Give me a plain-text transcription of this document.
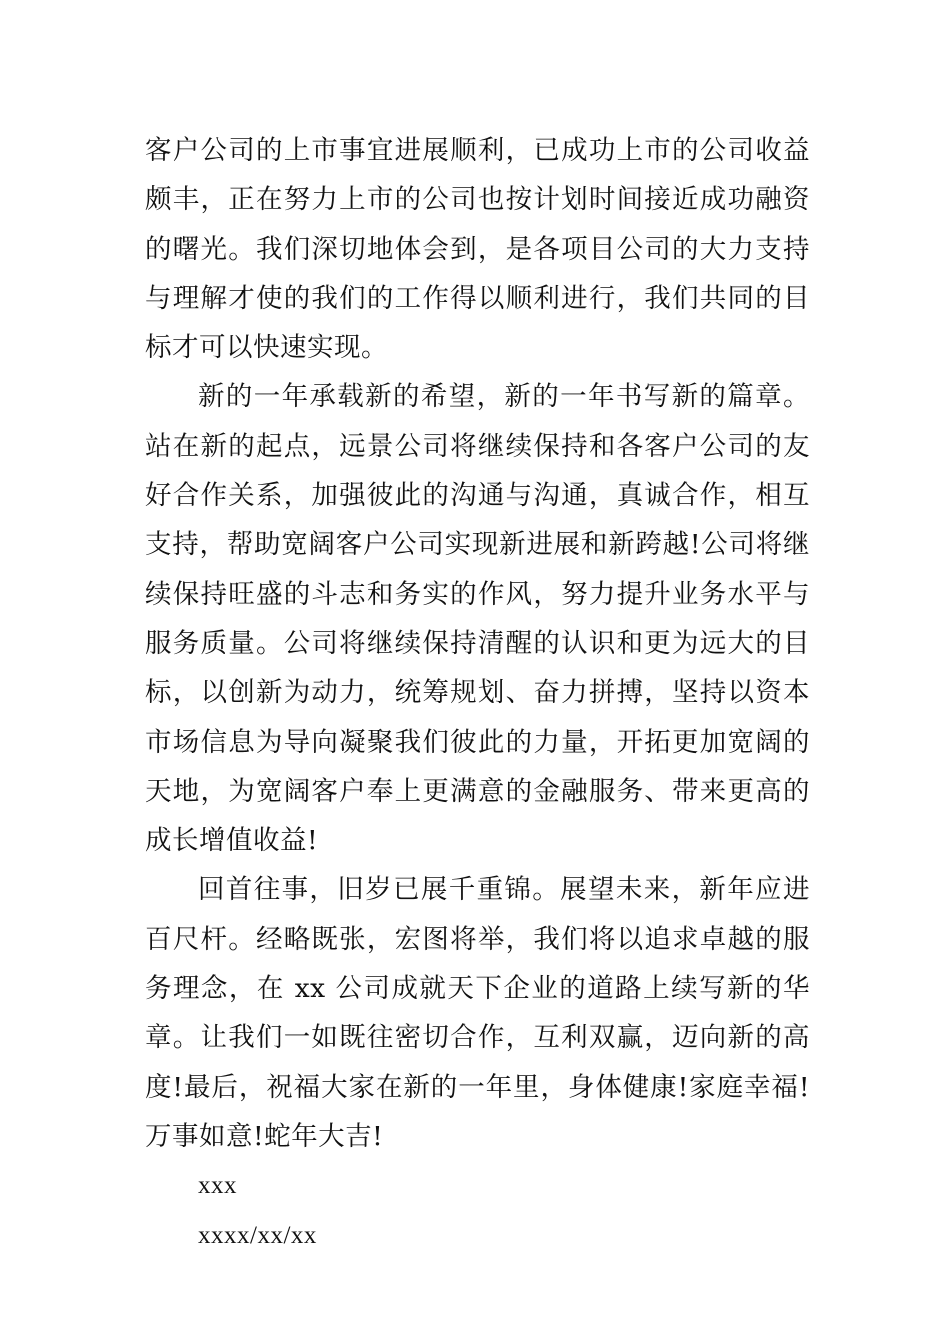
客户公司的上市事宜进展顺利，已成功上市的公司收益颇丰，正在努力上市的公司也按计划时间接近成功融资的曙光。我们深切地体会到，是各项目公司的大力支持与理解才使的我们的工作得以顺利进行，我们共同的目标才可以快速实现。

新的一年承载新的希望，新的一年书写新的篇章。站在新的起点，远景公司将继续保持和各客户公司的友好合作关系，加强彼此的沟通与沟通，真诚合作，相互支持，帮助宽阔客户公司实现新进展和新跨越!公司将继续保持旺盛的斗志和务实的作风，努力提升业务水平与服务质量。公司将继续保持清醒的认识和更为远大的目标，以创新为动力，统筹规划、奋力拼搏，坚持以资本市场信息为导向凝聚我们彼此的力量，开拓更加宽阔的天地，为宽阔客户奉上更满意的金融服务、带来更高的成长增值收益!

回首往事，旧岁已展千重锦。展望未来，新年应进百尺杆。经略既张，宏图将举，我们将以追求卓越的服务理念，在 xx 公司成就天下企业的道路上续写新的华章。让我们一如既往密切合作，互利双赢，迈向新的高度!最后，祝福大家在新的一年里，身体健康!家庭幸福!万事如意!蛇年大吉!

xxx

xxxx/xx/xx
